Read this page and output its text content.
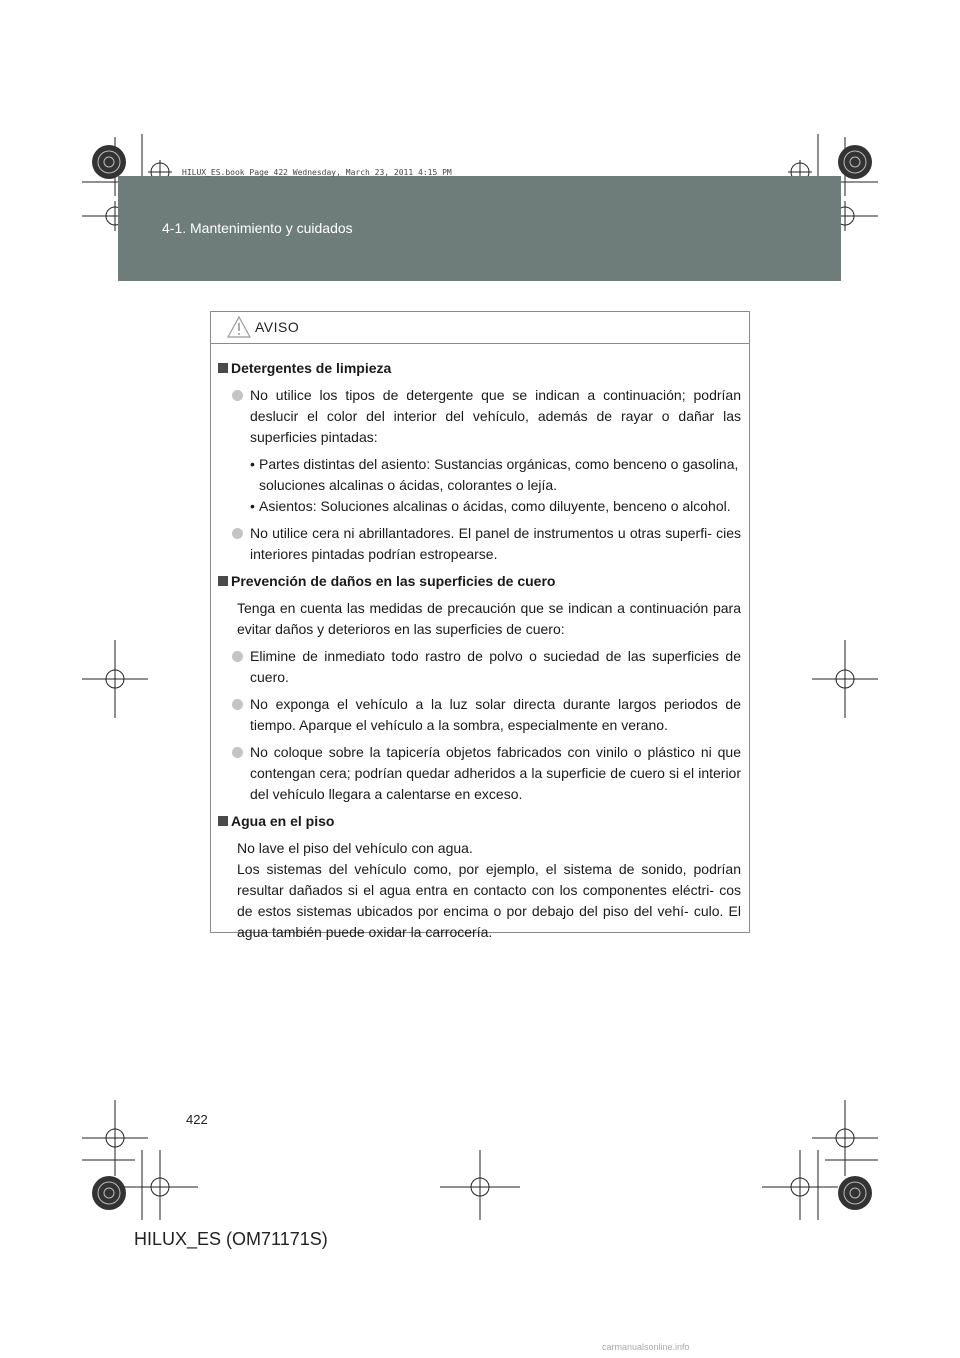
4-1. Mantenimiento y cuidados
HILUX_ES.book Page 422 Wednesday, March 23, 2011 4:15 PM
AVISO
Detergentes de limpieza
No utilice los tipos de detergente que se indican a continuación; podrían deslucir el color del interior del vehículo, además de rayar o dañar las superficies pintadas:
• Partes distintas del asiento: Sustancias orgánicas, como benceno o gasolina, soluciones alcalinas o ácidas, colorantes o lejía.
• Asientos: Soluciones alcalinas o ácidas, como diluyente, benceno o alcohol.
No utilice cera ni abrillantadores. El panel de instrumentos u otras superfi- cies interiores pintadas podrían estropearse.
Prevención de daños en las superficies de cuero
Tenga en cuenta las medidas de precaución que se indican a continuación para evitar daños y deterioros en las superficies de cuero:
Elimine de inmediato todo rastro de polvo o suciedad de las superficies de cuero.
No exponga el vehículo a la luz solar directa durante largos periodos de tiempo. Aparque el vehículo a la sombra, especialmente en verano.
No coloque sobre la tapicería objetos fabricados con vinilo o plástico ni que contengan cera; podrían quedar adheridos a la superficie de cuero si el interior del vehículo llegara a calentarse en exceso.
Agua en el piso
No lave el piso del vehículo con agua.
Los sistemas del vehículo como, por ejemplo, el sistema de sonido, podrían resultar dañados si el agua entra en contacto con los componentes eléctri- cos de estos sistemas ubicados por encima o por debajo del piso del vehí- culo. El agua también puede oxidar la carrocería.
422
HILUX_ES (OM71171S)
carmanualsonline.info
